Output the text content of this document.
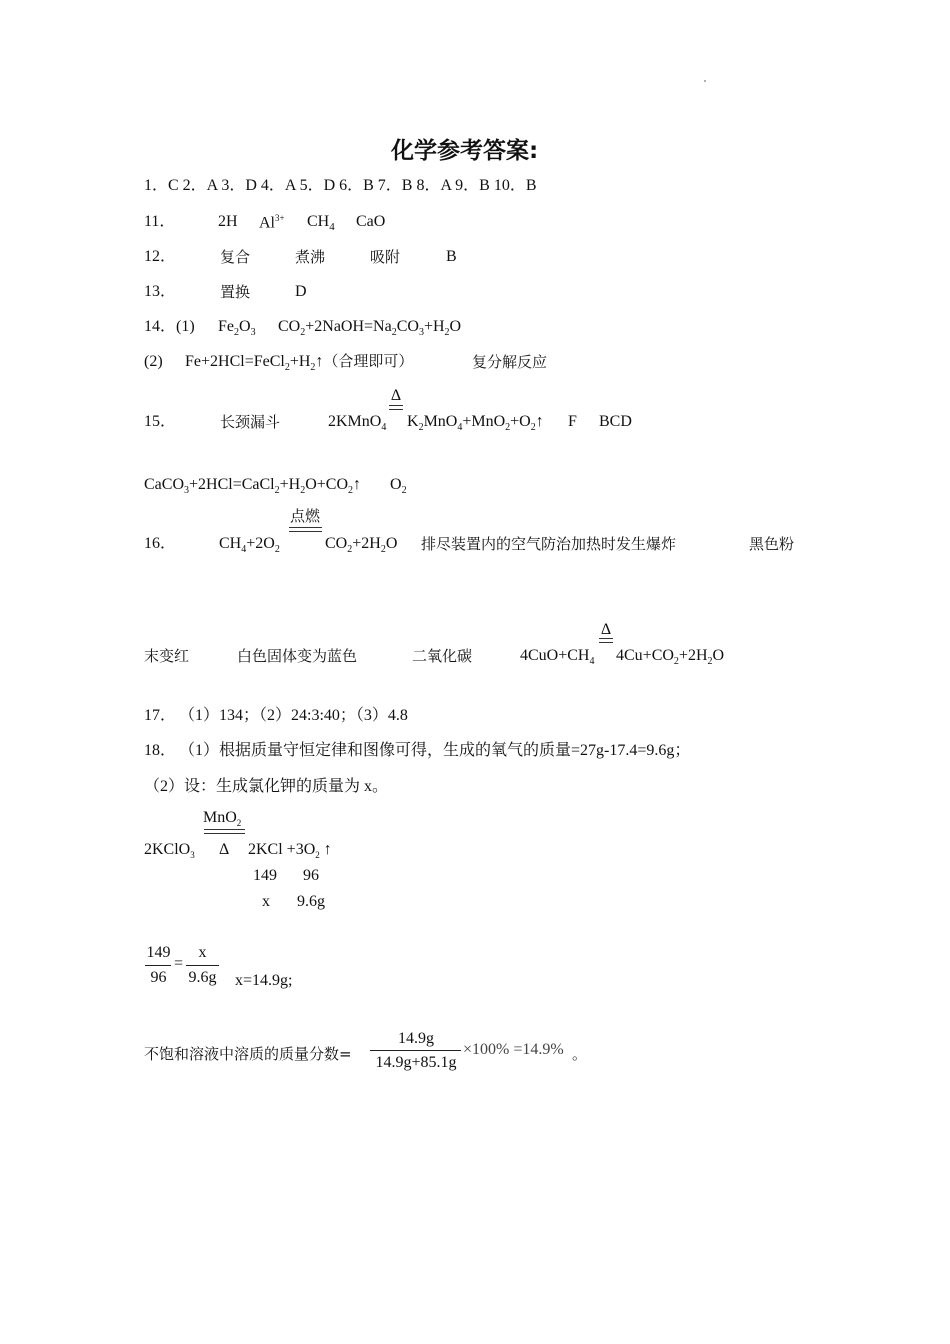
化学参考答案:
1．C 2．A 3．D 4．A 5．D 6．B 7．B 8．A 9．B 10．B
11．	2H $Al^{3+}$ $CH_4$ CaO
12．	复合	煮沸	吸附	B
13．	置换	D
14．(1) $Fe_2O_3$ $CO_2+2NaOH=Na_2CO_3+H_2O$
(2) $Fe+2HCl=FeCl_2+H_2↑$（合理即可）	复分解反应
Δ
15．	长颈漏斗	2KMnO$_4$ $K_2MnO_4+MnO_2+O_2↑$ F BCD
$CaCO_3+2HCl=CaCl_2+H_2O+CO_2↑$ $O_2$
点燃
16．	$CH_4+2O_2$	$CO_2+2H_2O$ 排尽装置内的空气防治加热时发生爆炸	黑色粉
Δ
末变红	白色固体变为蓝色	二氧化碳	$4CuO+CH_4$ $4Cu+CO_2+2H_2O$
17． （1）134；（2）24:3:40；（3）4.8
18． （1）根据质量守恒定律和图像可得，生成的氧气的质量=27g-17.4=9.6g；
（2）设：生成氯化钾的质量为 x。
MnO$_2$
2KClO$_3$ Δ $2KCl +3O_2$ ↑
149 96
x 9.6g
149
96
=
x
9.6g x=14.9g;
不饱和溶液中溶质的质量分数=
14.9g
14.9g+85.1g
×100% =14.9% 。
